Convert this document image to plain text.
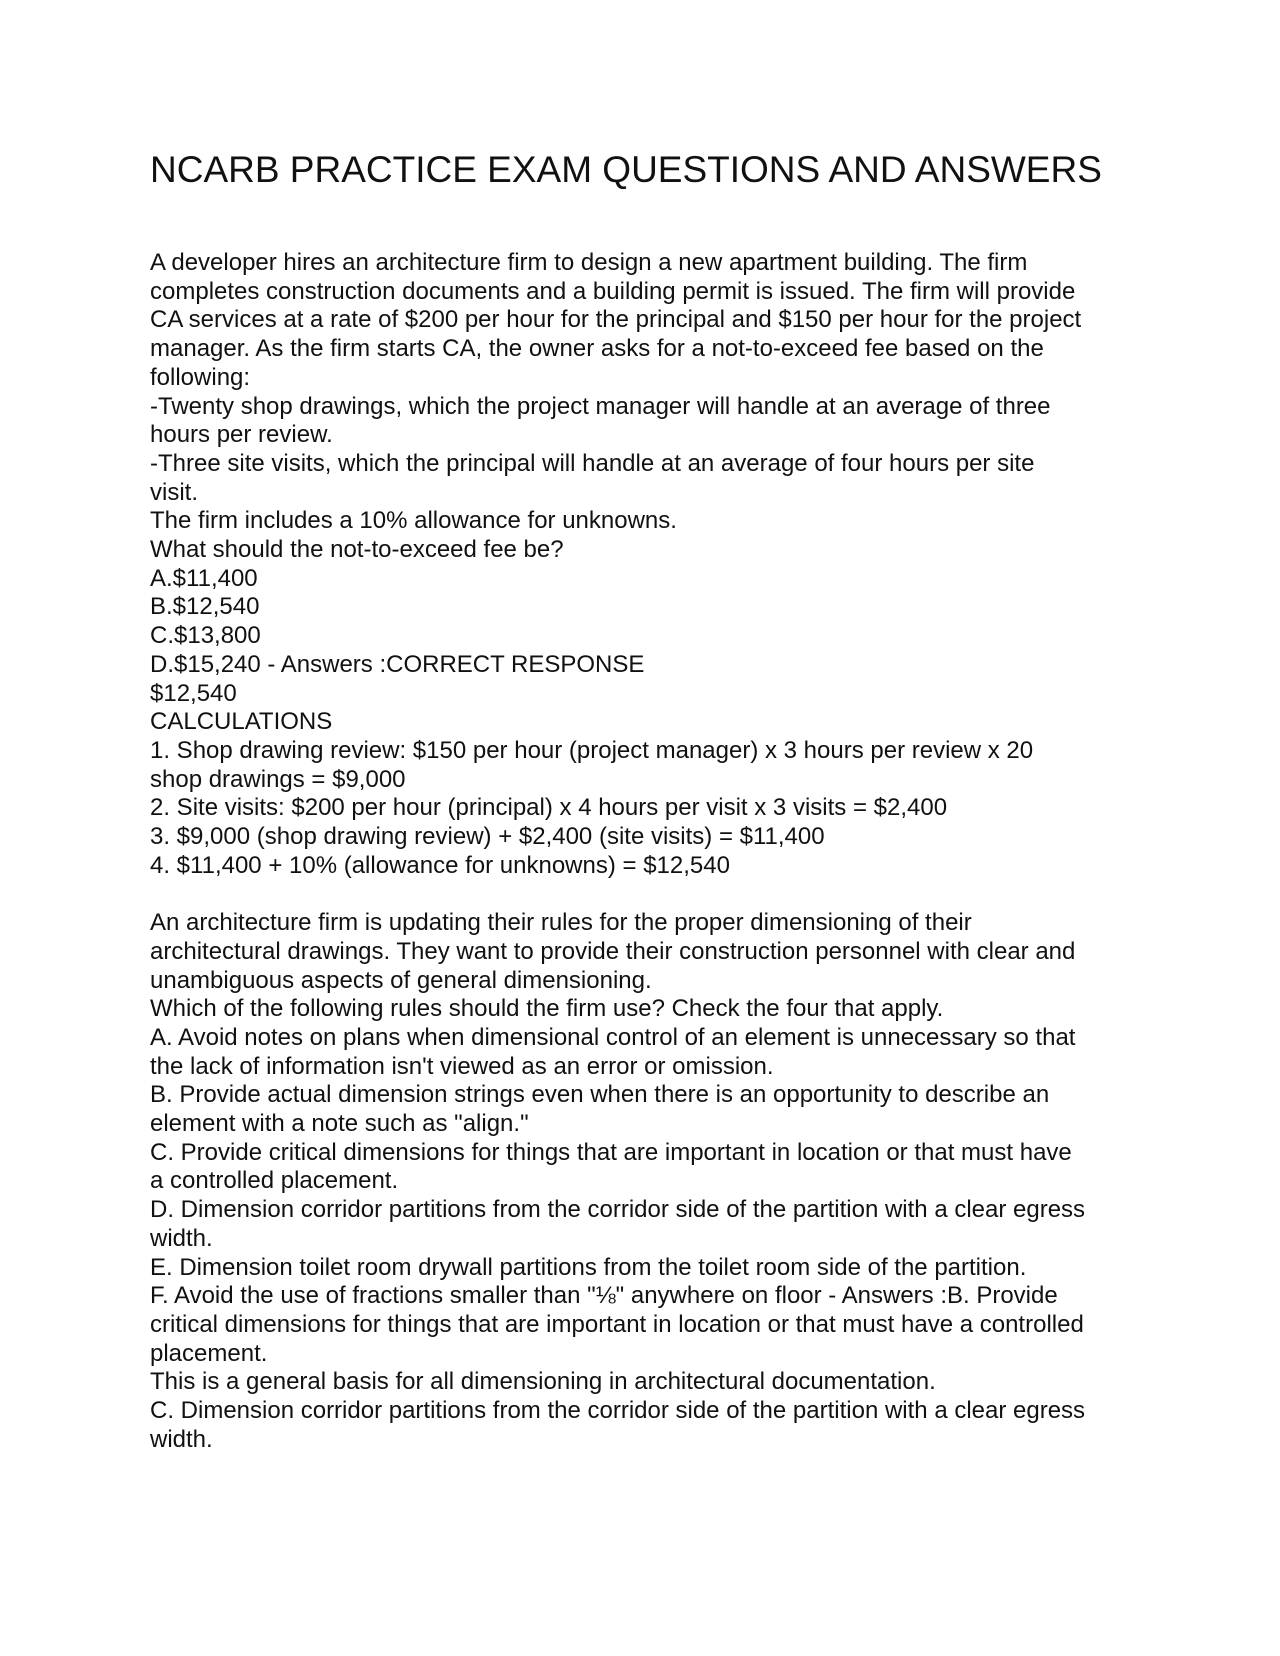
NCARB PRACTICE EXAM QUESTIONS AND ANSWERS
A developer hires an architecture firm to design a new apartment building. The firm
completes construction documents and a building permit is issued. The firm will provide
CA services at a rate of $200 per hour for the principal and $150 per hour for the project
manager. As the firm starts CA, the owner asks for a not-to-exceed fee based on the
following:
-Twenty shop drawings, which the project manager will handle at an average of three
hours per review.
-Three site visits, which the principal will handle at an average of four hours per site
visit.
The firm includes a 10% allowance for unknowns.
What should the not-to-exceed fee be?
A.$11,400
B.$12,540
C.$13,800
D.$15,240 - Answers :CORRECT RESPONSE
$12,540
CALCULATIONS
1. Shop drawing review: $150 per hour (project manager) x 3 hours per review x 20
shop drawings = $9,000
2. Site visits: $200 per hour (principal) x 4 hours per visit x 3 visits = $2,400
3. $9,000 (shop drawing review) + $2,400 (site visits) = $11,400
4. $11,400 + 10% (allowance for unknowns) = $12,540
An architecture firm is updating their rules for the proper dimensioning of their
architectural drawings. They want to provide their construction personnel with clear and
unambiguous aspects of general dimensioning.
Which of the following rules should the firm use? Check the four that apply.
A. Avoid notes on plans when dimensional control of an element is unnecessary so that
the lack of information isn't viewed as an error or omission.
B. Provide actual dimension strings even when there is an opportunity to describe an
element with a note such as "align."
C. Provide critical dimensions for things that are important in location or that must have
a controlled placement.
D. Dimension corridor partitions from the corridor side of the partition with a clear egress
width.
E. Dimension toilet room drywall partitions from the toilet room side of the partition.
F. Avoid the use of fractions smaller than "⅛" anywhere on floor - Answers :B. Provide
critical dimensions for things that are important in location or that must have a controlled
placement.
This is a general basis for all dimensioning in architectural documentation.
C. Dimension corridor partitions from the corridor side of the partition with a clear egress
width.
